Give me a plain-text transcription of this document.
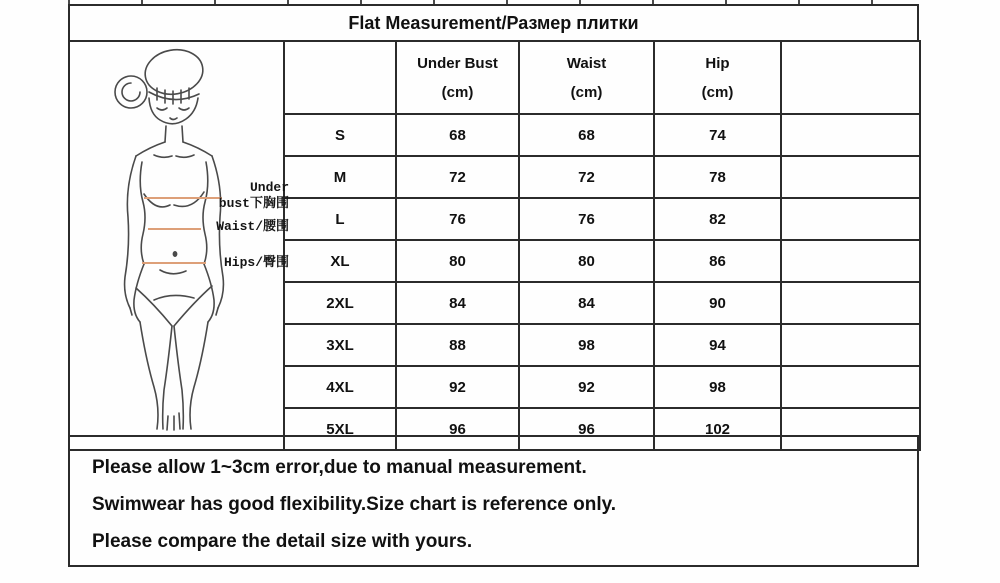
Flat Measurement/Размер плитки
Under
bust下胸围
Waist/腰围
Hips/臀围

Under Bust
(cm)

Waist
(cm)

Hip
(cm)

	S	68	68	74	
	M	72	72	78	
	L	76	76	82	
	XL	80	80	86	
	2XL	84	84	90	
	3XL	88	98	94	
	4XL	92	92	98	
	5XL	96	96	102	
Please allow 1~3cm error,due to manual measurement.
Swimwear has good flexibility.Size chart is reference only.
Please compare the detail size with yours.
